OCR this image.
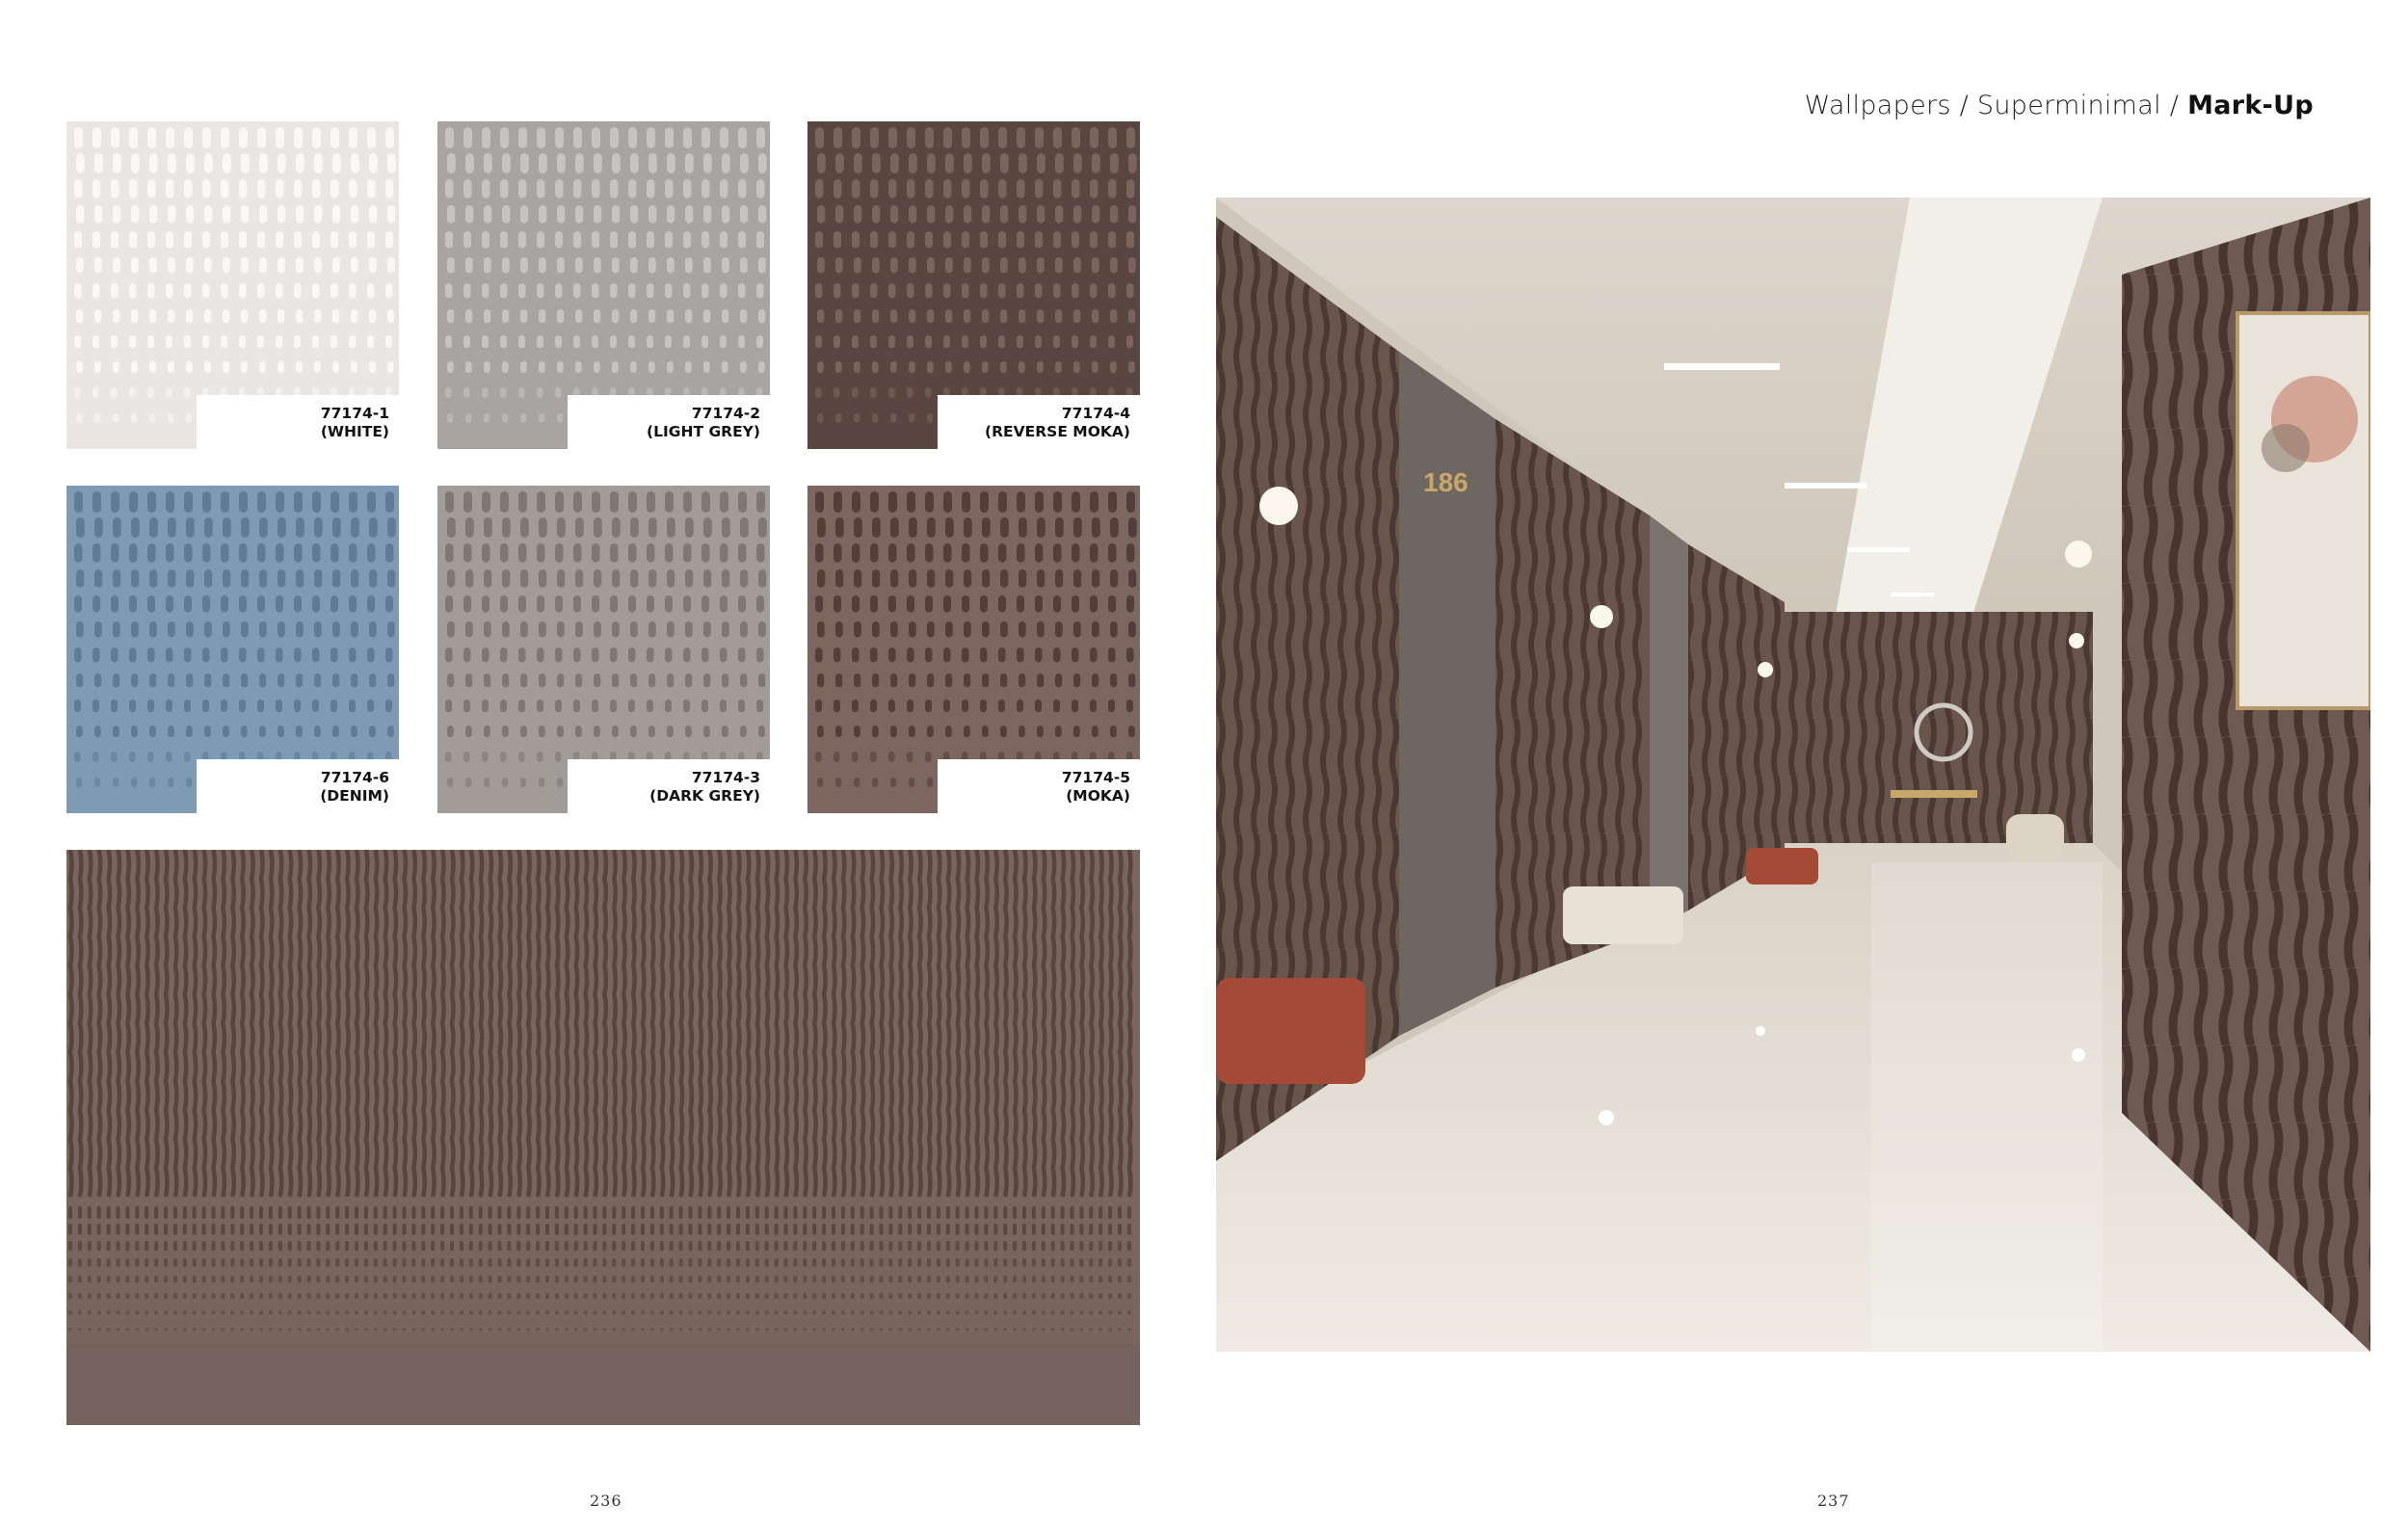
Wallpapers / Superminimal / Mark-Up
77174-1
(WHITE)
77174-2
(LIGHT GREY)
77174-4
(REVERSE MOKA)
77174-6
(DENIM)
77174-3
(DARK GREY)
77174-5
(MOKA)
186
236	237
